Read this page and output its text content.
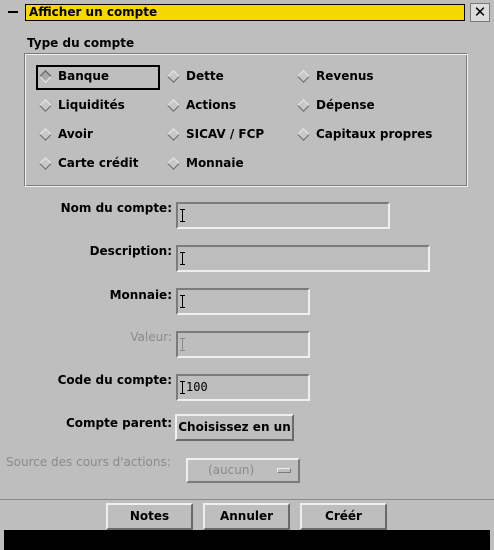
Afficher un compte	✕
Type du compte
Banque	Dette	Revenus
Liquidités	Actions	Dépense
Avoir	SICAV / FCP	Capitaux propres
Carte crédit	Monnaie
Nom du compte:
Description:
Monnaie:
Valeur:
Code du compte: 100
Compte parent: Choisissez en un
Source des cours d'actions:
(aucun)
Notes	Annuler	Créér
